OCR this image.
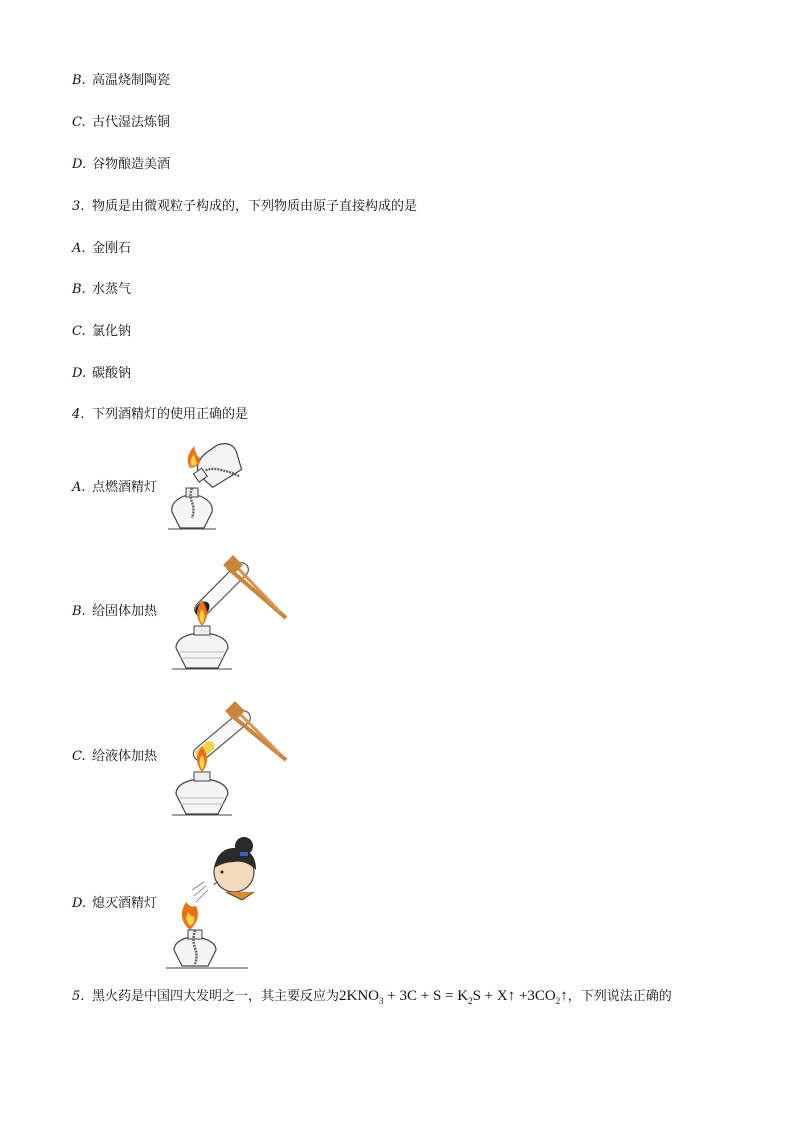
B. 高温烧制陶瓷
C. 古代湿法炼铜
D. 谷物酿造美酒
3. 物质是由微观粒子构成的，下列物质由原子直接构成的是
A. 金刚石
B. 水蒸气
C. 氯化钠
D. 碳酸钠
4. 下列酒精灯的使用正确的是
A. 点燃酒精灯
B. 给固体加热
C. 给液体加热
D. 熄灭酒精灯
5. 黑火药是中国四大发明之一，其主要反应为$2KNO_3 + 3C + S = K_2S$ + X↑ $+3CO_2↑$，下列说法正确的
